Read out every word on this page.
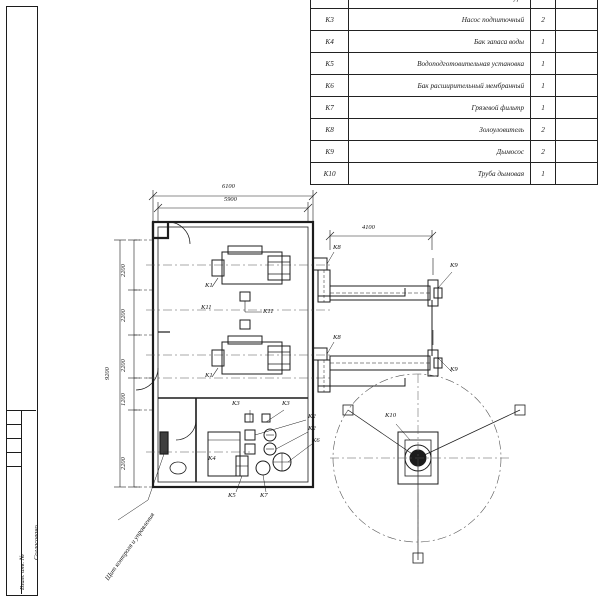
K3	Насос подпиточный	2	
K4	Бак запаса воды	1	
K5	Водоподготовительная установка	1	
K6	Бак расширительный мембранный	1	
K7	Грязевой фильтр	1	
K8	Золоуловитель	2	
K9	Дымосос	2	
K10	Труба дымовая	1	
Взам. инв. №
Согласовано
6100
5900
4100
9200
2200
2200
2200
1200
2200
K1
K1
K11
K11
K8
K8
K9
K9
K10
K3	K3
K2
K2
K6
K4
K5	K7
Щит контроля и управления
